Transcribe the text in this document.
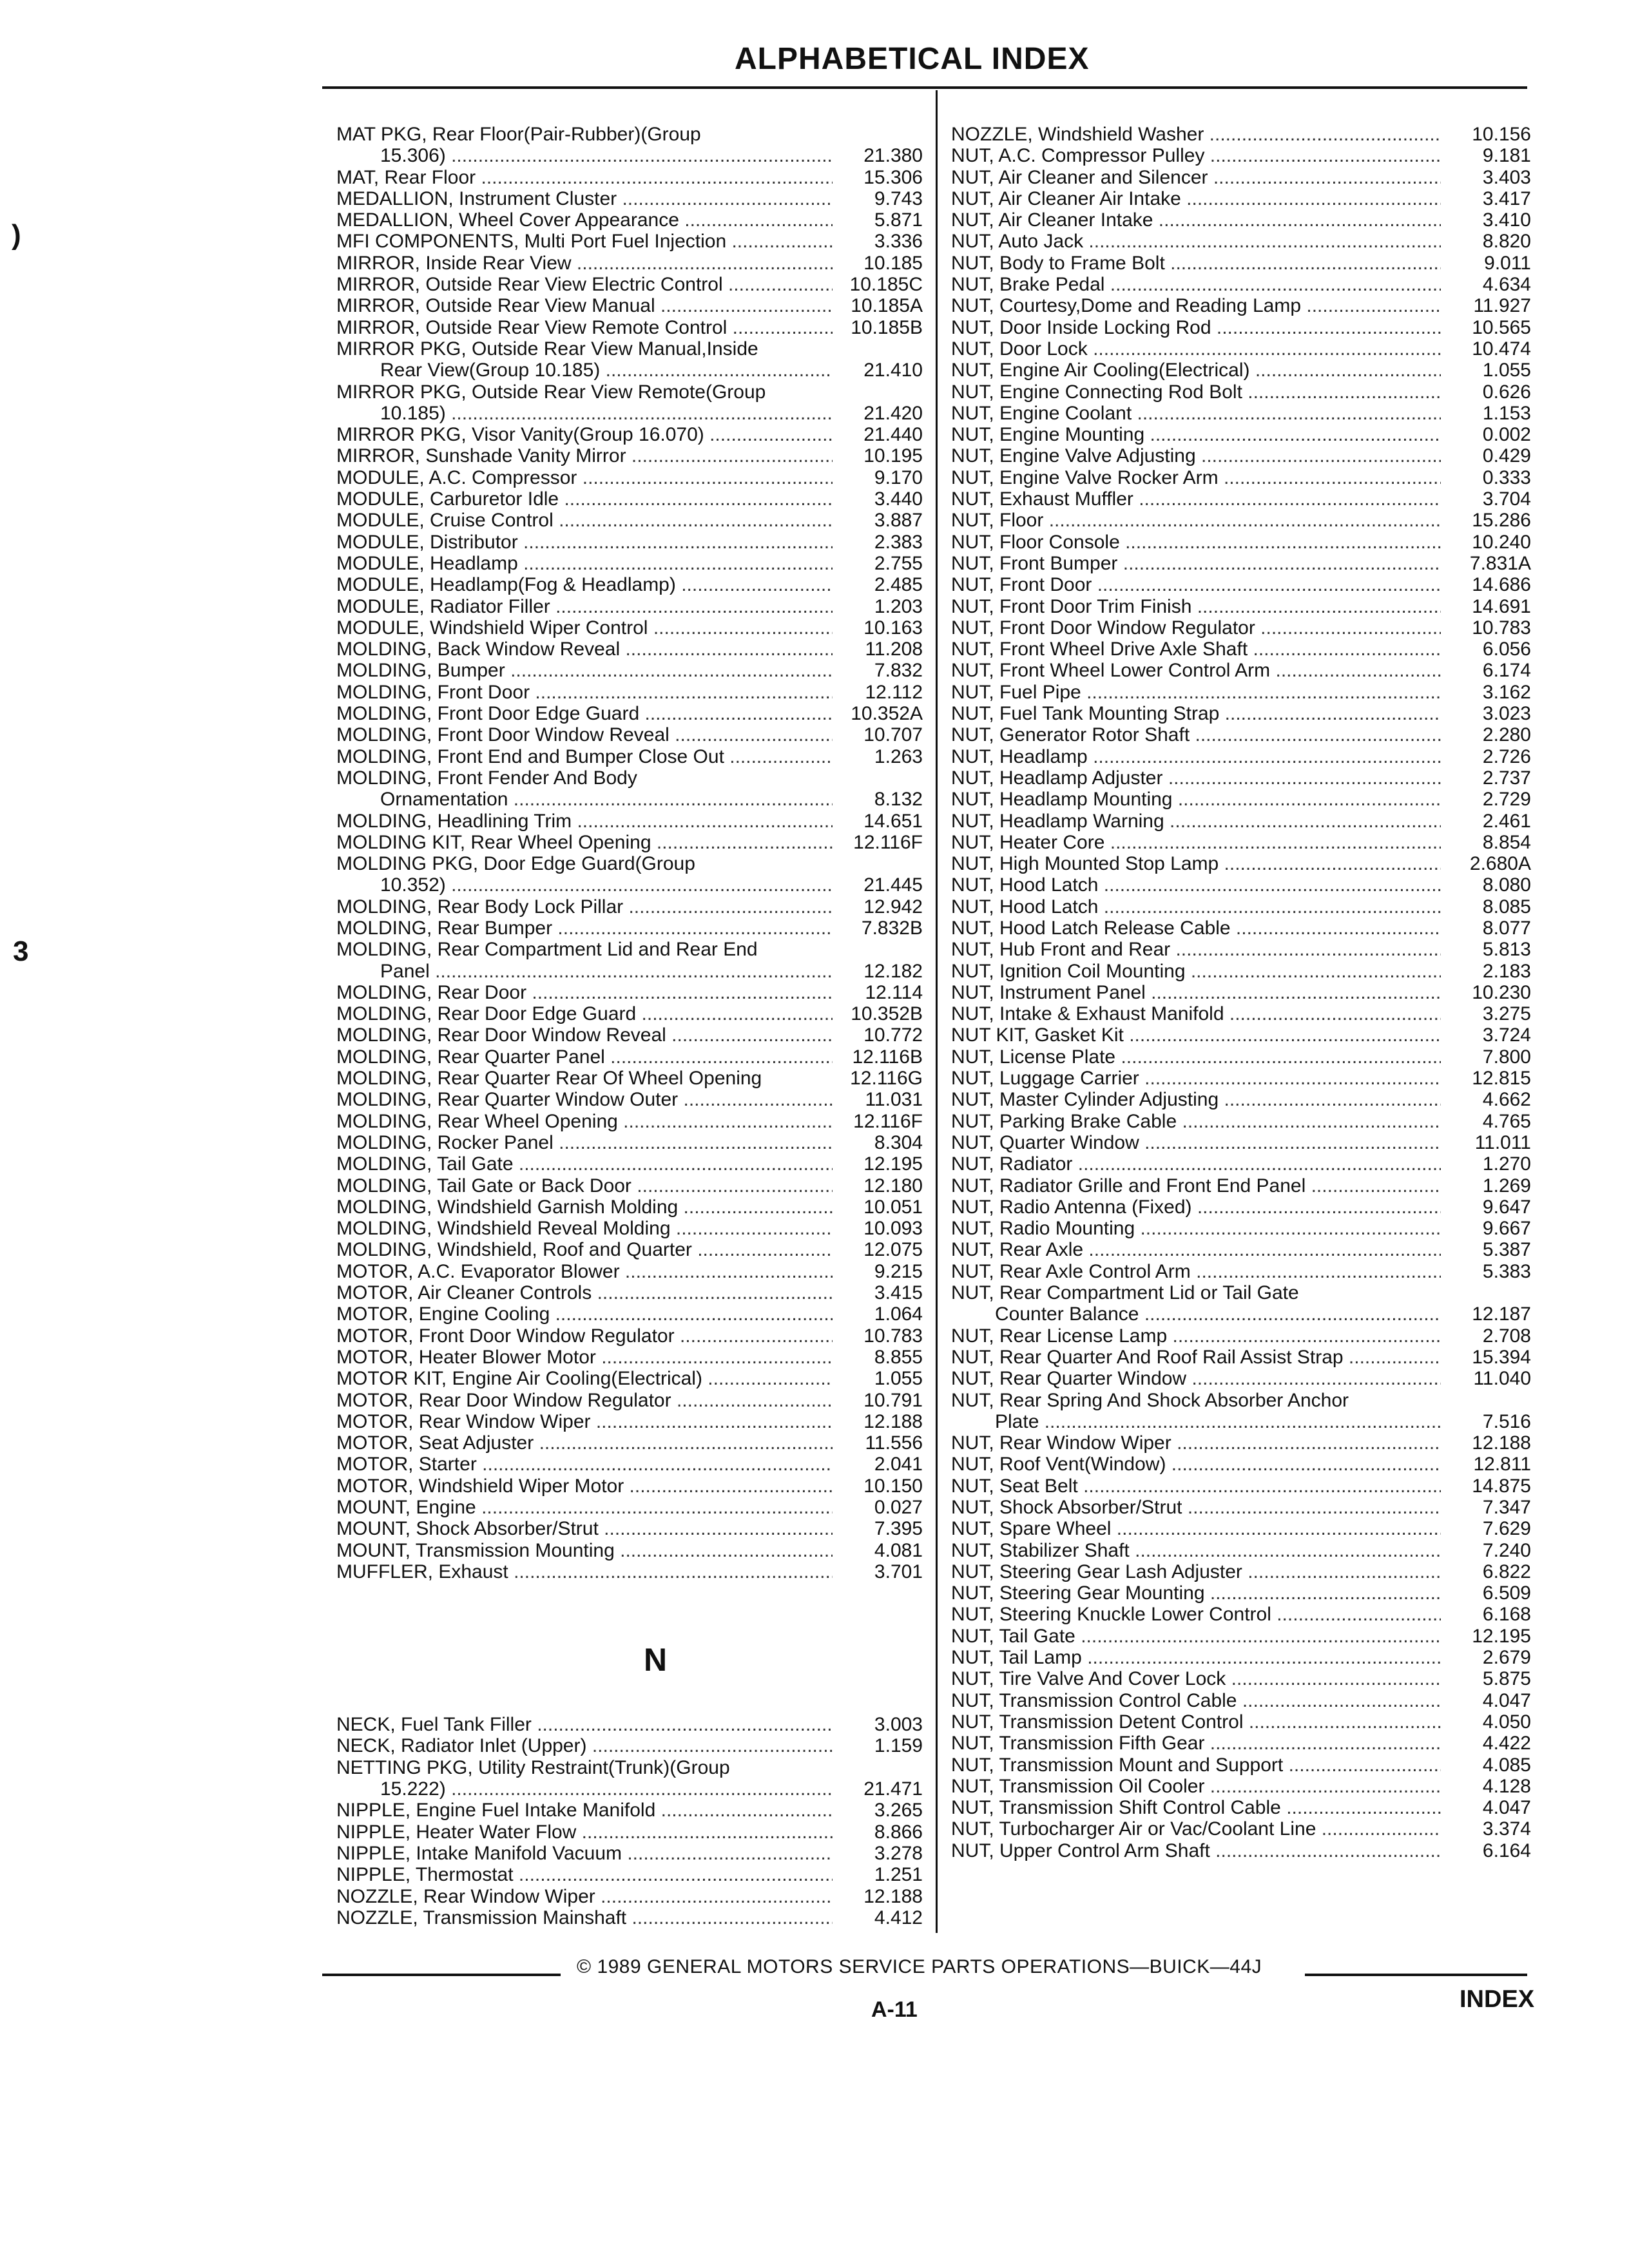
ALPHABETICAL INDEX
)
3
MAT PKG, Rear Floor(Pair-Rubber)(Group
15.306) .....	21.380
MAT, Rear Floor .....	15.306
MEDALLION, Instrument Cluster .....	9.743
MEDALLION, Wheel Cover Appearance .....	5.871
MFI COMPONENTS, Multi Port Fuel Injection .....	3.336
MIRROR, Inside Rear View .....	10.185
MIRROR, Outside Rear View Electric Control .....	10.185C
MIRROR, Outside Rear View Manual .....	10.185A
MIRROR, Outside Rear View Remote Control .....	10.185B
MIRROR PKG, Outside Rear View Manual,Inside
Rear View(Group 10.185) .....	21.410
MIRROR PKG, Outside Rear View Remote(Group
10.185) .....	21.420
MIRROR PKG, Visor Vanity(Group 16.070) .....	21.440
MIRROR, Sunshade Vanity Mirror .....	10.195
MODULE, A.C. Compressor .....	9.170
MODULE, Carburetor Idle .....	3.440
MODULE, Cruise Control .....	3.887
MODULE, Distributor .....	2.383
MODULE, Headlamp .....	2.755
MODULE, Headlamp(Fog & Headlamp) .....	2.485
MODULE, Radiator Filler .....	1.203
MODULE, Windshield Wiper Control .....	10.163
MOLDING, Back Window Reveal .....	11.208
MOLDING, Bumper .....	7.832
MOLDING, Front Door .....	12.112
MOLDING, Front Door Edge Guard .....	10.352A
MOLDING, Front Door Window Reveal .....	10.707
MOLDING, Front End and Bumper Close Out .....	1.263
MOLDING, Front Fender And Body
Ornamentation .....	8.132
MOLDING, Headlining Trim .....	14.651
MOLDING KIT, Rear Wheel Opening .....	12.116F
MOLDING PKG, Door Edge Guard(Group
10.352) .....	21.445
MOLDING, Rear Body Lock Pillar .....	12.942
MOLDING, Rear Bumper .....	7.832B
MOLDING, Rear Compartment Lid and Rear End
Panel .....	12.182
MOLDING, Rear Door .....	12.114
MOLDING, Rear Door Edge Guard .....	10.352B
MOLDING, Rear Door Window Reveal .....	10.772
MOLDING, Rear Quarter Panel .....	12.116B
MOLDING, Rear Quarter Rear Of Wheel Opening	12.116G
MOLDING, Rear Quarter Window Outer .....	11.031
MOLDING, Rear Wheel Opening .....	12.116F
MOLDING, Rocker Panel .....	8.304
MOLDING, Tail Gate .....	12.195
MOLDING, Tail Gate or Back Door .....	12.180
MOLDING, Windshield Garnish Molding .....	10.051
MOLDING, Windshield Reveal Molding .....	10.093
MOLDING, Windshield, Roof and Quarter .....	12.075
MOTOR, A.C. Evaporator Blower .....	9.215
MOTOR, Air Cleaner Controls .....	3.415
MOTOR, Engine Cooling .....	1.064
MOTOR, Front Door Window Regulator .....	10.783
MOTOR, Heater Blower Motor .....	8.855
MOTOR KIT, Engine Air Cooling(Electrical) .....	1.055
MOTOR, Rear Door Window Regulator .....	10.791
MOTOR, Rear Window Wiper .....	12.188
MOTOR, Seat Adjuster .....	11.556
MOTOR, Starter .....	2.041
MOTOR, Windshield Wiper Motor .....	10.150
MOUNT, Engine .....	0.027
MOUNT, Shock Absorber/Strut .....	7.395
MOUNT, Transmission Mounting .....	4.081
MUFFLER, Exhaust .....	3.701
N
NECK, Fuel Tank Filler .....	3.003
NECK, Radiator Inlet (Upper) .....	1.159
NETTING PKG, Utility Restraint(Trunk)(Group
15.222) .....	21.471
NIPPLE, Engine Fuel Intake Manifold .....	3.265
NIPPLE, Heater Water Flow .....	8.866
NIPPLE, Intake Manifold Vacuum .....	3.278
NIPPLE, Thermostat .....	1.251
NOZZLE, Rear Window Wiper .....	12.188
NOZZLE, Transmission Mainshaft .....	4.412
NOZZLE, Windshield Washer .....	10.156
NUT, A.C. Compressor Pulley .....	9.181
NUT, Air Cleaner and Silencer .....	3.403
NUT, Air Cleaner Air Intake .....	3.417
NUT, Air Cleaner Intake .....	3.410
NUT, Auto Jack .....	8.820
NUT, Body to Frame Bolt .....	9.011
NUT, Brake Pedal .....	4.634
NUT, Courtesy,Dome and Reading Lamp .....	11.927
NUT, Door Inside Locking Rod .....	10.565
NUT, Door Lock .....	10.474
NUT, Engine Air Cooling(Electrical) .....	1.055
NUT, Engine Connecting Rod Bolt .....	0.626
NUT, Engine Coolant .....	1.153
NUT, Engine Mounting .....	0.002
NUT, Engine Valve Adjusting .....	0.429
NUT, Engine Valve Rocker Arm .....	0.333
NUT, Exhaust Muffler .....	3.704
NUT, Floor .....	15.286
NUT, Floor Console .....	10.240
NUT, Front Bumper .....	7.831A
NUT, Front Door .....	14.686
NUT, Front Door Trim Finish .....	14.691
NUT, Front Door Window Regulator .....	10.783
NUT, Front Wheel Drive Axle Shaft .....	6.056
NUT, Front Wheel Lower Control Arm .....	6.174
NUT, Fuel Pipe .....	3.162
NUT, Fuel Tank Mounting Strap .....	3.023
NUT, Generator Rotor Shaft .....	2.280
NUT, Headlamp .....	2.726
NUT, Headlamp Adjuster .....	2.737
NUT, Headlamp Mounting .....	2.729
NUT, Headlamp Warning .....	2.461
NUT, Heater Core .....	8.854
NUT, High Mounted Stop Lamp .....	2.680A
NUT, Hood Latch .....	8.080
NUT, Hood Latch .....	8.085
NUT, Hood Latch Release Cable .....	8.077
NUT, Hub Front and Rear .....	5.813
NUT, Ignition Coil Mounting .....	2.183
NUT, Instrument Panel .....	10.230
NUT, Intake & Exhaust Manifold .....	3.275
NUT KIT, Gasket Kit .....	3.724
NUT, License Plate .....	7.800
NUT, Luggage Carrier .....	12.815
NUT, Master Cylinder Adjusting .....	4.662
NUT, Parking Brake Cable .....	4.765
NUT, Quarter Window .....	11.011
NUT, Radiator .....	1.270
NUT, Radiator Grille and Front End Panel .....	1.269
NUT, Radio Antenna (Fixed) .....	9.647
NUT, Radio Mounting .....	9.667
NUT, Rear Axle .....	5.387
NUT, Rear Axle Control Arm .....	5.383
NUT, Rear Compartment Lid or Tail Gate
Counter Balance .....	12.187
NUT, Rear License Lamp .....	2.708
NUT, Rear Quarter And Roof Rail Assist Strap .....	15.394
NUT, Rear Quarter Window .....	11.040
NUT, Rear Spring And Shock Absorber Anchor
Plate .....	7.516
NUT, Rear Window Wiper .....	12.188
NUT, Roof Vent(Window) .....	12.811
NUT, Seat Belt .....	14.875
NUT, Shock Absorber/Strut .....	7.347
NUT, Spare Wheel .....	7.629
NUT, Stabilizer Shaft .....	7.240
NUT, Steering Gear Lash Adjuster .....	6.822
NUT, Steering Gear Mounting .....	6.509
NUT, Steering Knuckle Lower Control .....	6.168
NUT, Tail Gate .....	12.195
NUT, Tail Lamp .....	2.679
NUT, Tire Valve And Cover Lock .....	5.875
NUT, Transmission Control Cable .....	4.047
NUT, Transmission Detent Control .....	4.050
NUT, Transmission Fifth Gear .....	4.422
NUT, Transmission Mount and Support .....	4.085
NUT, Transmission Oil Cooler .....	4.128
NUT, Transmission Shift Control Cable .....	4.047
NUT, Turbocharger Air or Vac/Coolant Line .....	3.374
NUT, Upper Control Arm Shaft .....	6.164
© 1989 GENERAL MOTORS SERVICE PARTS OPERATIONS—BUICK—44J
A-11	INDEX
